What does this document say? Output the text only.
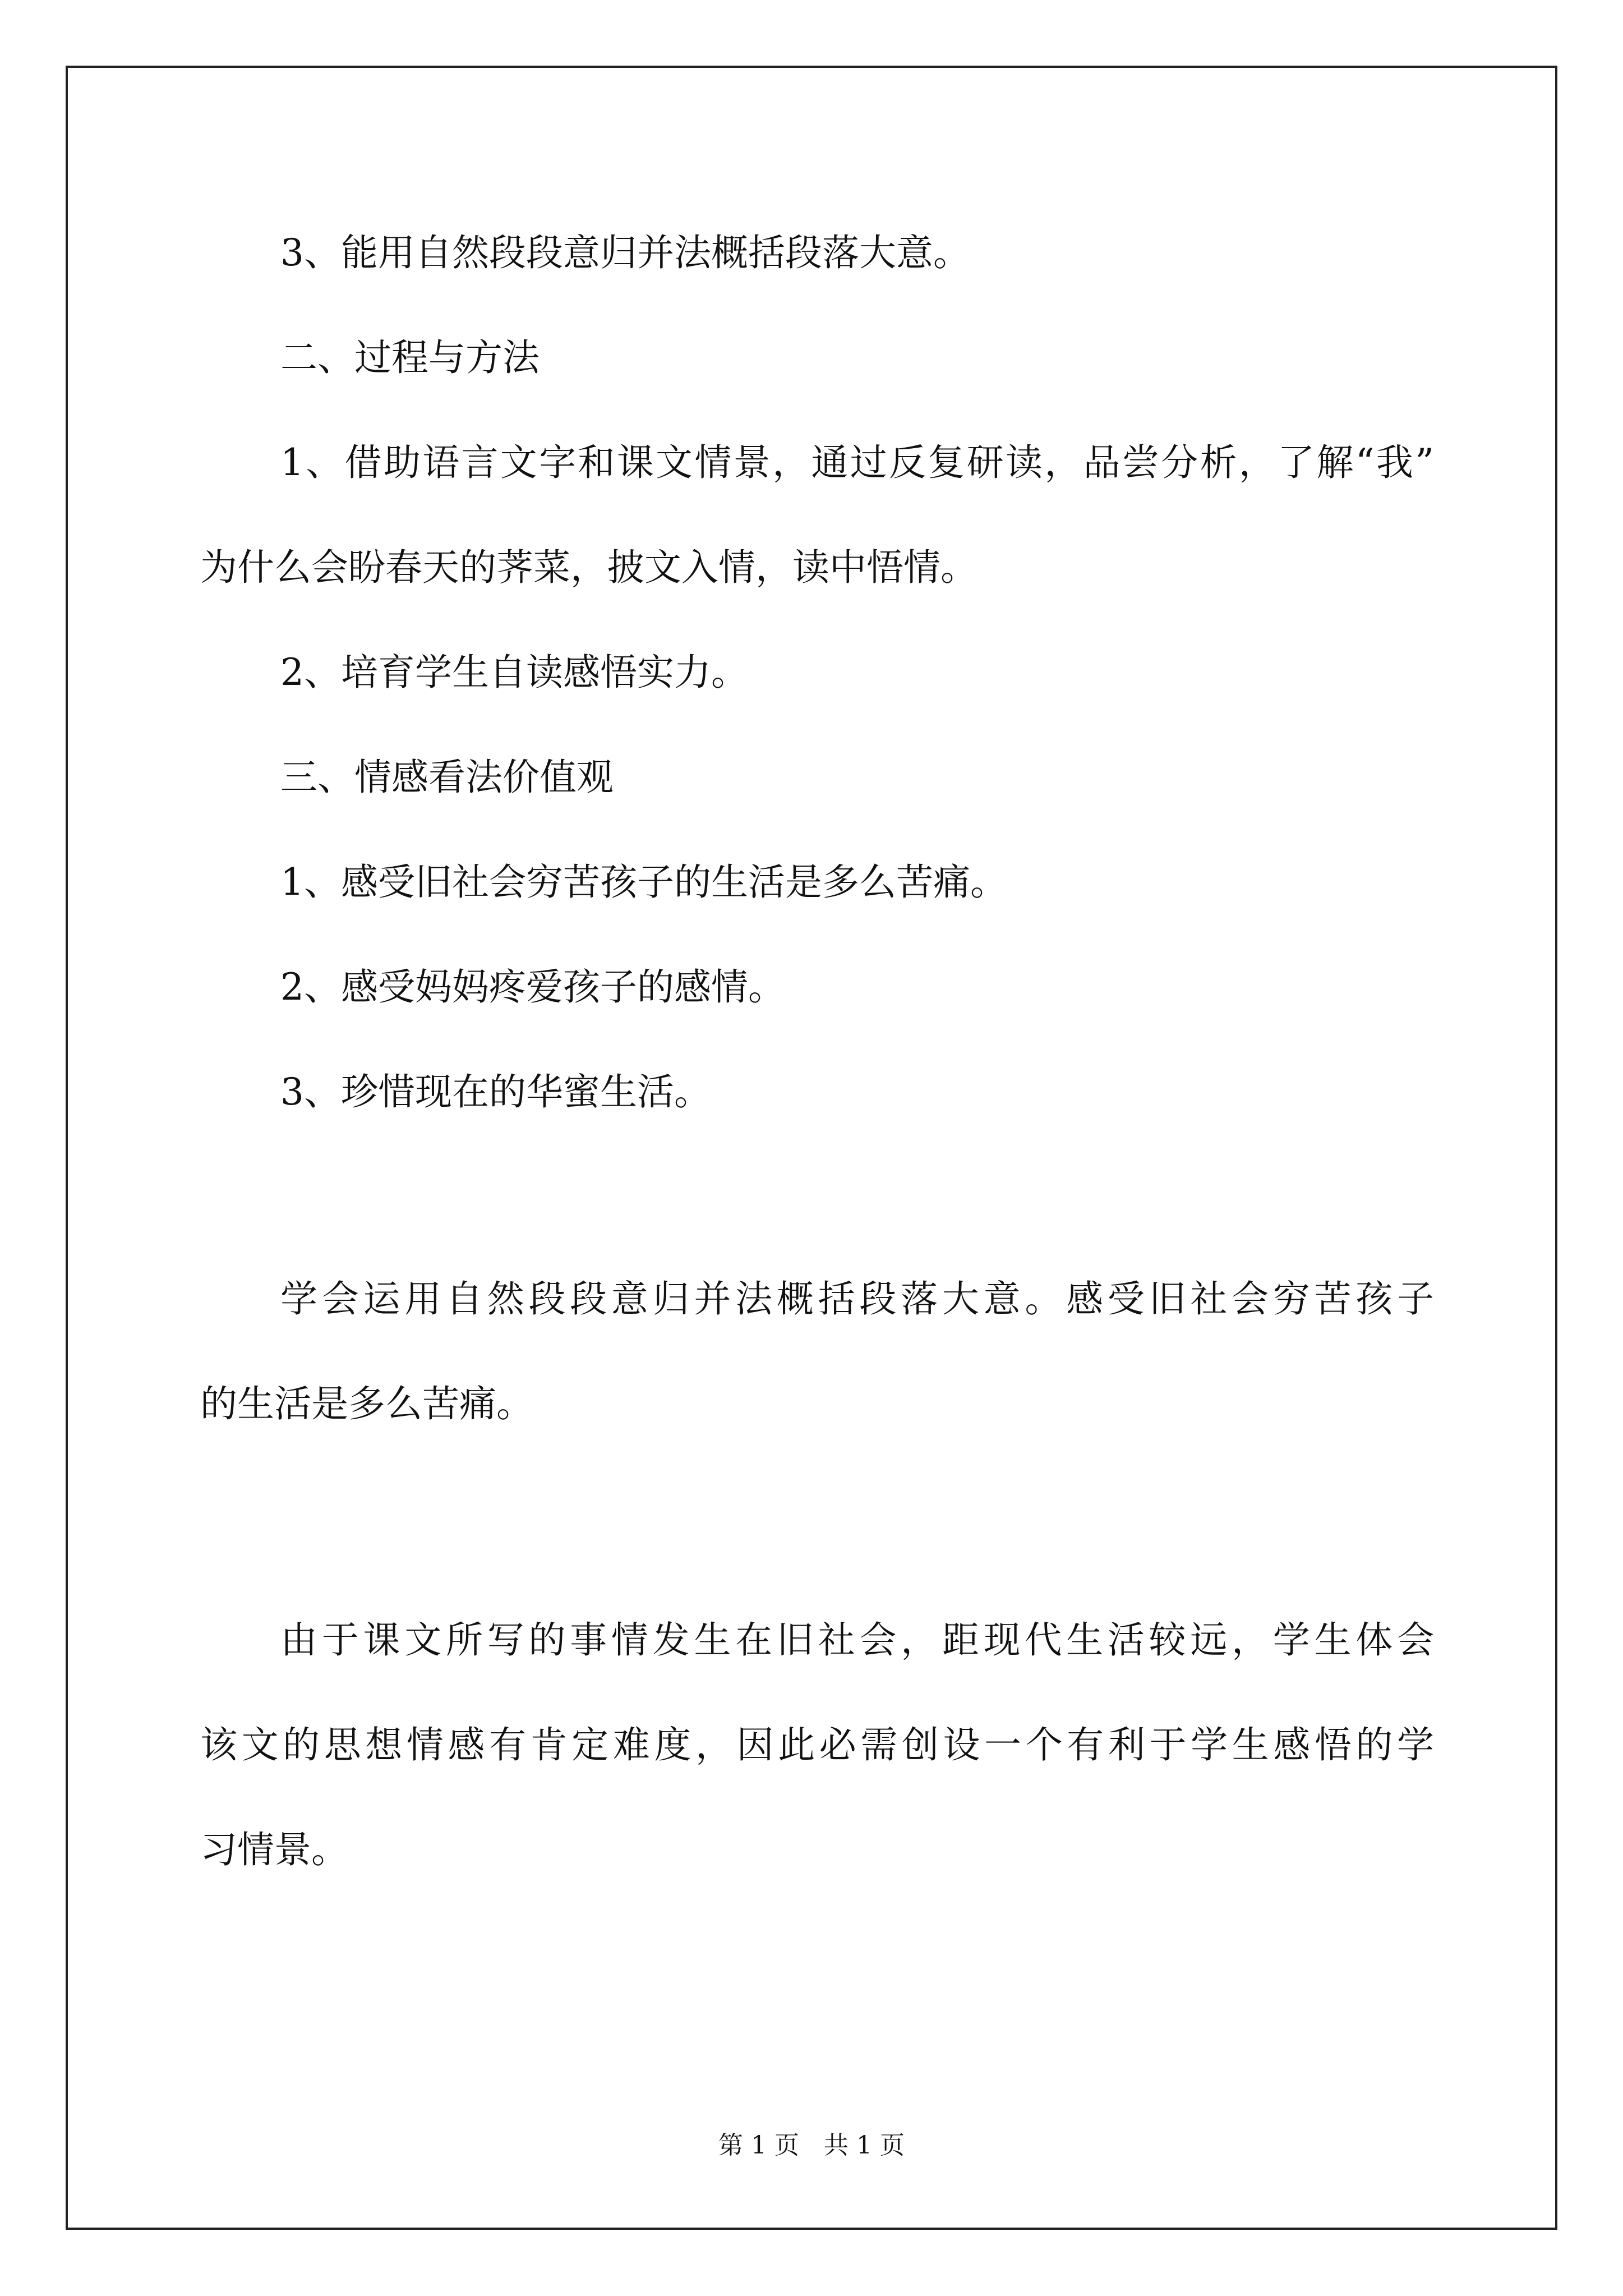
3、能用自然段段意归并法概括段落大意。
二、过程与方法
1、借助语言文字和课文情景，通过反复研读，品尝分析，了解“我”
为什么会盼春天的荠菜，披文入情，读中悟情。
2、培育学生自读感悟实力。
三、情感看法价值观
1、感受旧社会穷苦孩子的生活是多么苦痛。
2、感受妈妈疼爱孩子的感情。
3、珍惜现在的华蜜生活。
学会运用自然段段意归并法概括段落大意。感受旧社会穷苦孩子
的生活是多么苦痛。
由于课文所写的事情发生在旧社会，距现代生活较远，学生体会
该文的思想情感有肯定难度，因此必需创设一个有利于学生感悟的学
习情景。
第 1 页　共 1 页
